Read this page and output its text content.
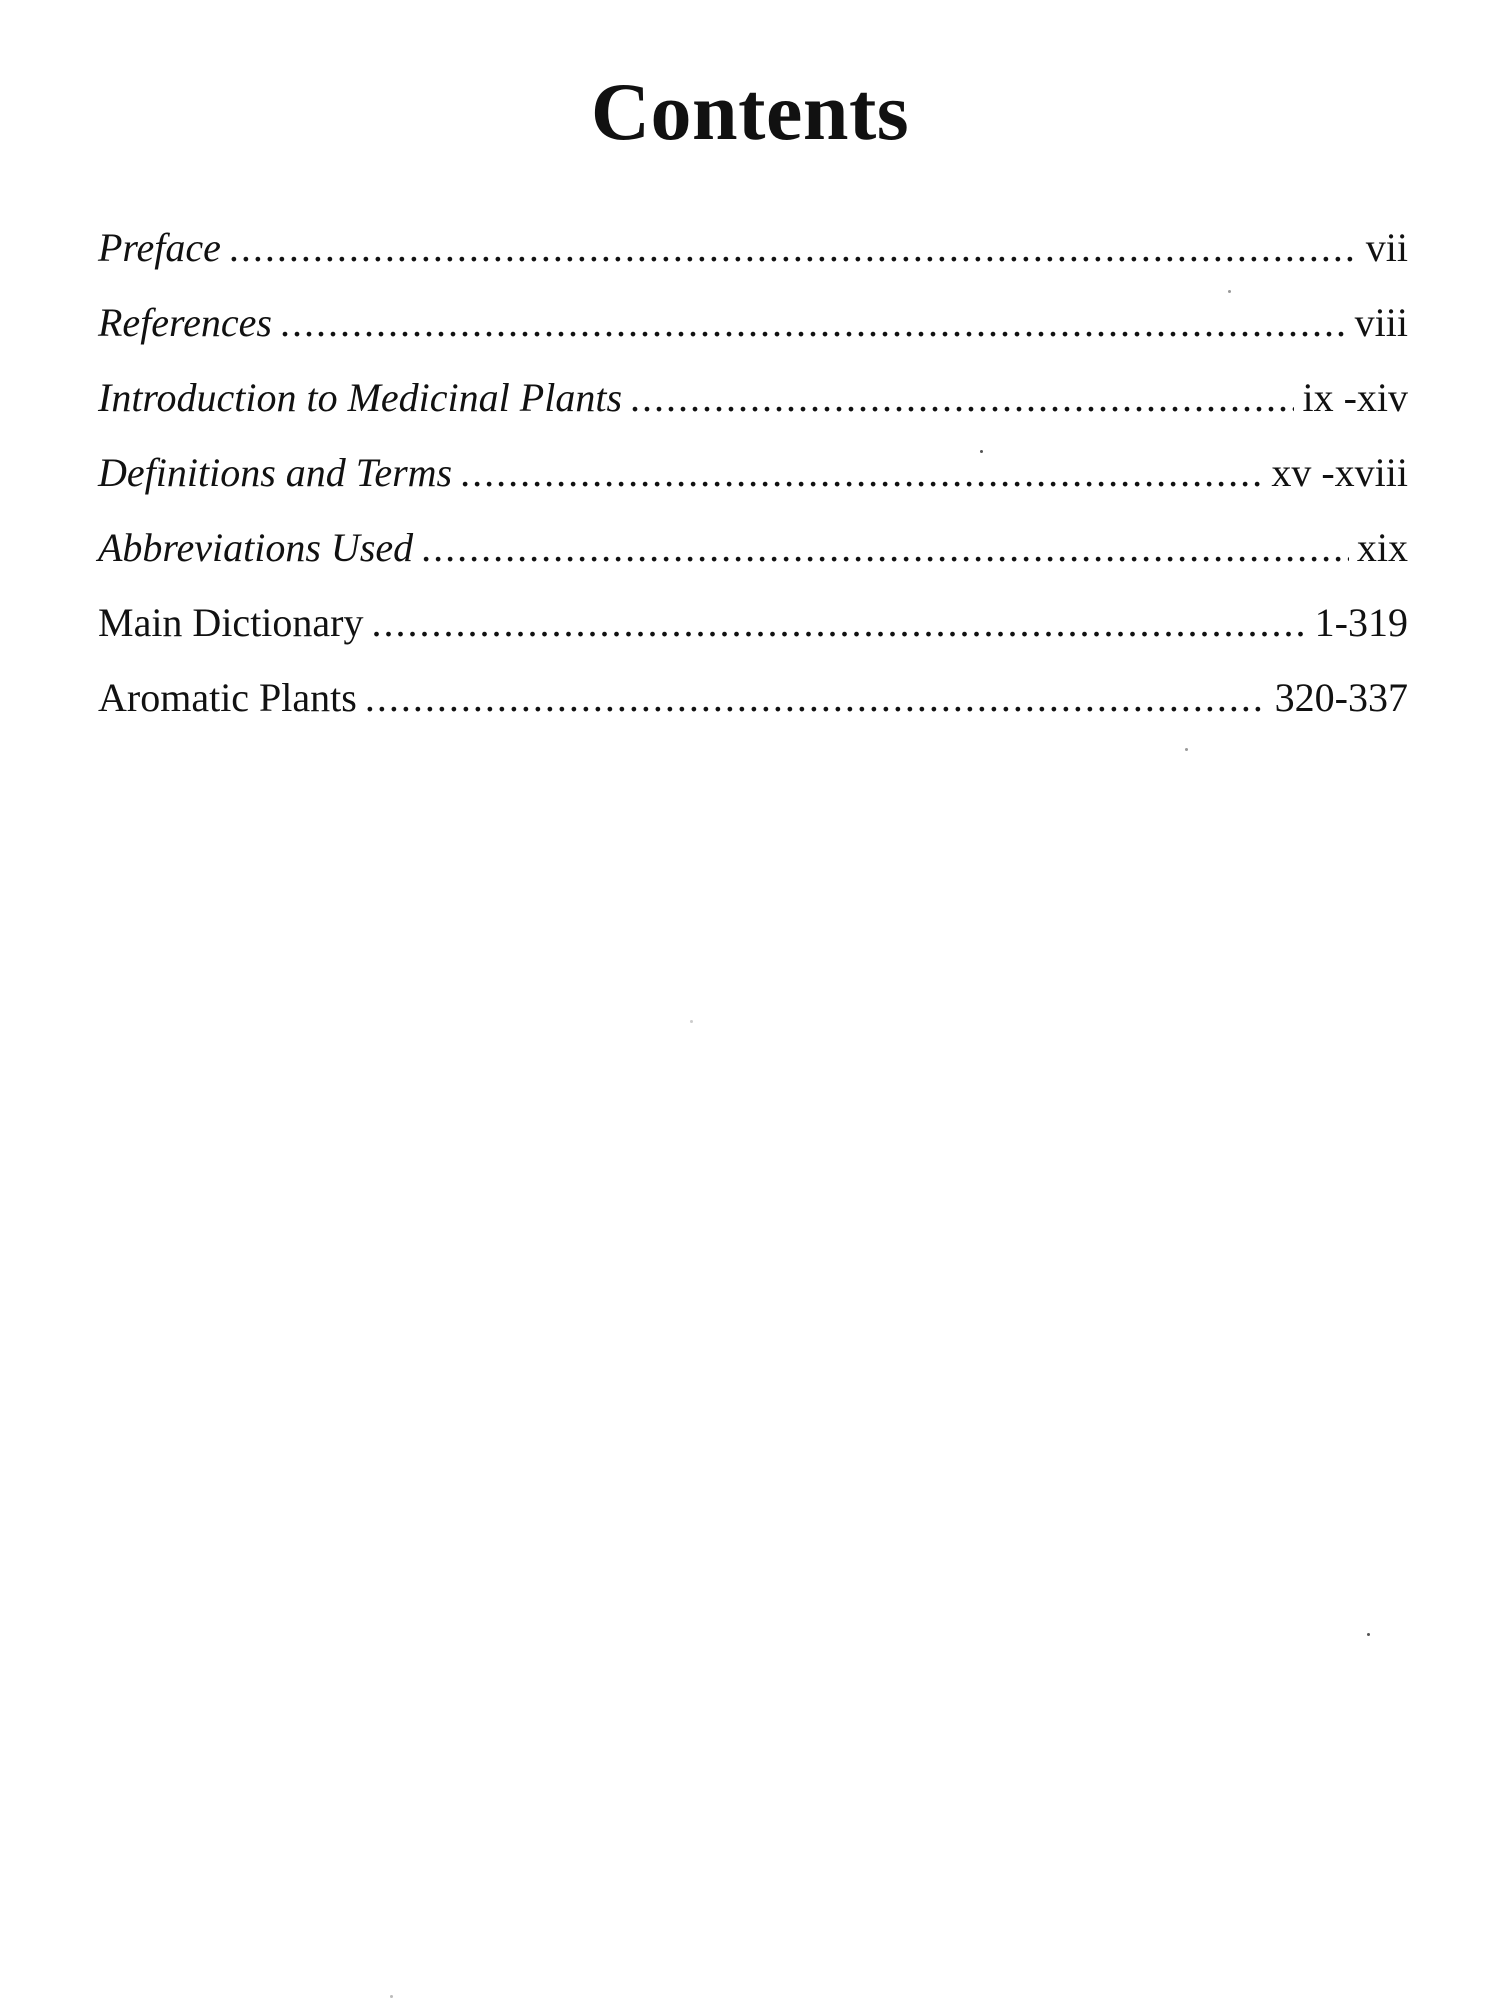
Contents
Preface .....	vii
References .....	viii
Introduction to Medicinal Plants .....	ix -xiv
Definitions and Terms .....	xv -xviii
Abbreviations Used .....	xix
Main Dictionary .....	1-319
Aromatic Plants .....	320-337
